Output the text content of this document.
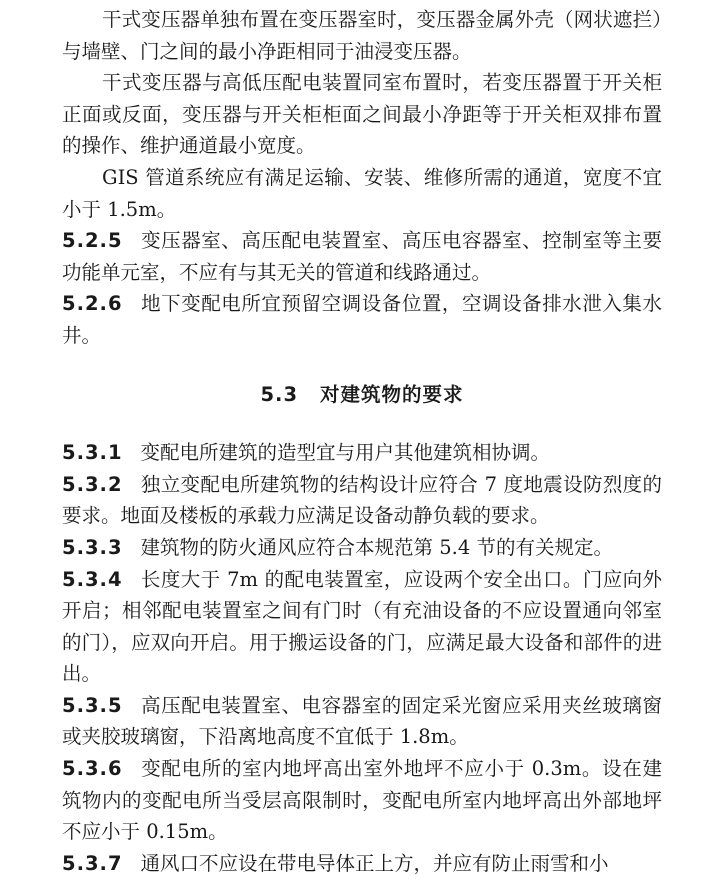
干式变压器单独布置在变压器室时，变压器金属外壳（网状遮拦）与墙壁、门之间的最小净距相同于油浸变压器。

干式变压器与高低压配电装置同室布置时，若变压器置于开关柜正面或反面，变压器与开关柜柜面之间最小净距等于开关柜双排布置的操作、维护通道最小宽度。

GIS 管道系统应有满足运输、安装、维修所需的通道，宽度不宜小于 1.5m。

5.2.5 变压器室、高压配电装置室、高压电容器室、控制室等主要功能单元室，不应有与其无关的管道和线路通过。

5.2.6 地下变配电所宜预留空调设备位置，空调设备排水泄入集水井。

5.3 对建筑物的要求

5.3.1 变配电所建筑的造型宜与用户其他建筑相协调。

5.3.2 独立变配电所建筑物的结构设计应符合 7 度地震设防烈度的要求。地面及楼板的承载力应满足设备动静负载的要求。

5.3.3 建筑物的防火通风应符合本规范第 5.4 节的有关规定。

5.3.4 长度大于 7m 的配电装置室，应设两个安全出口。门应向外开启；相邻配电装置室之间有门时（有充油设备的不应设置通向邻室的门），应双向开启。用于搬运设备的门，应满足最大设备和部件的进出。

5.3.5 高压配电装置室、电容器室的固定采光窗应采用夹丝玻璃窗或夹胶玻璃窗，下沿离地高度不宜低于 1.8m。

5.3.6 变配电所的室内地坪高出室外地坪不应小于 0.3m。设在建筑物内的变配电所当受层高限制时，变配电所室内地坪高出外部地坪不应小于 0.15m。

5.3.7 通风口不应设在带电导体正上方，并应有防止雨雪和小
